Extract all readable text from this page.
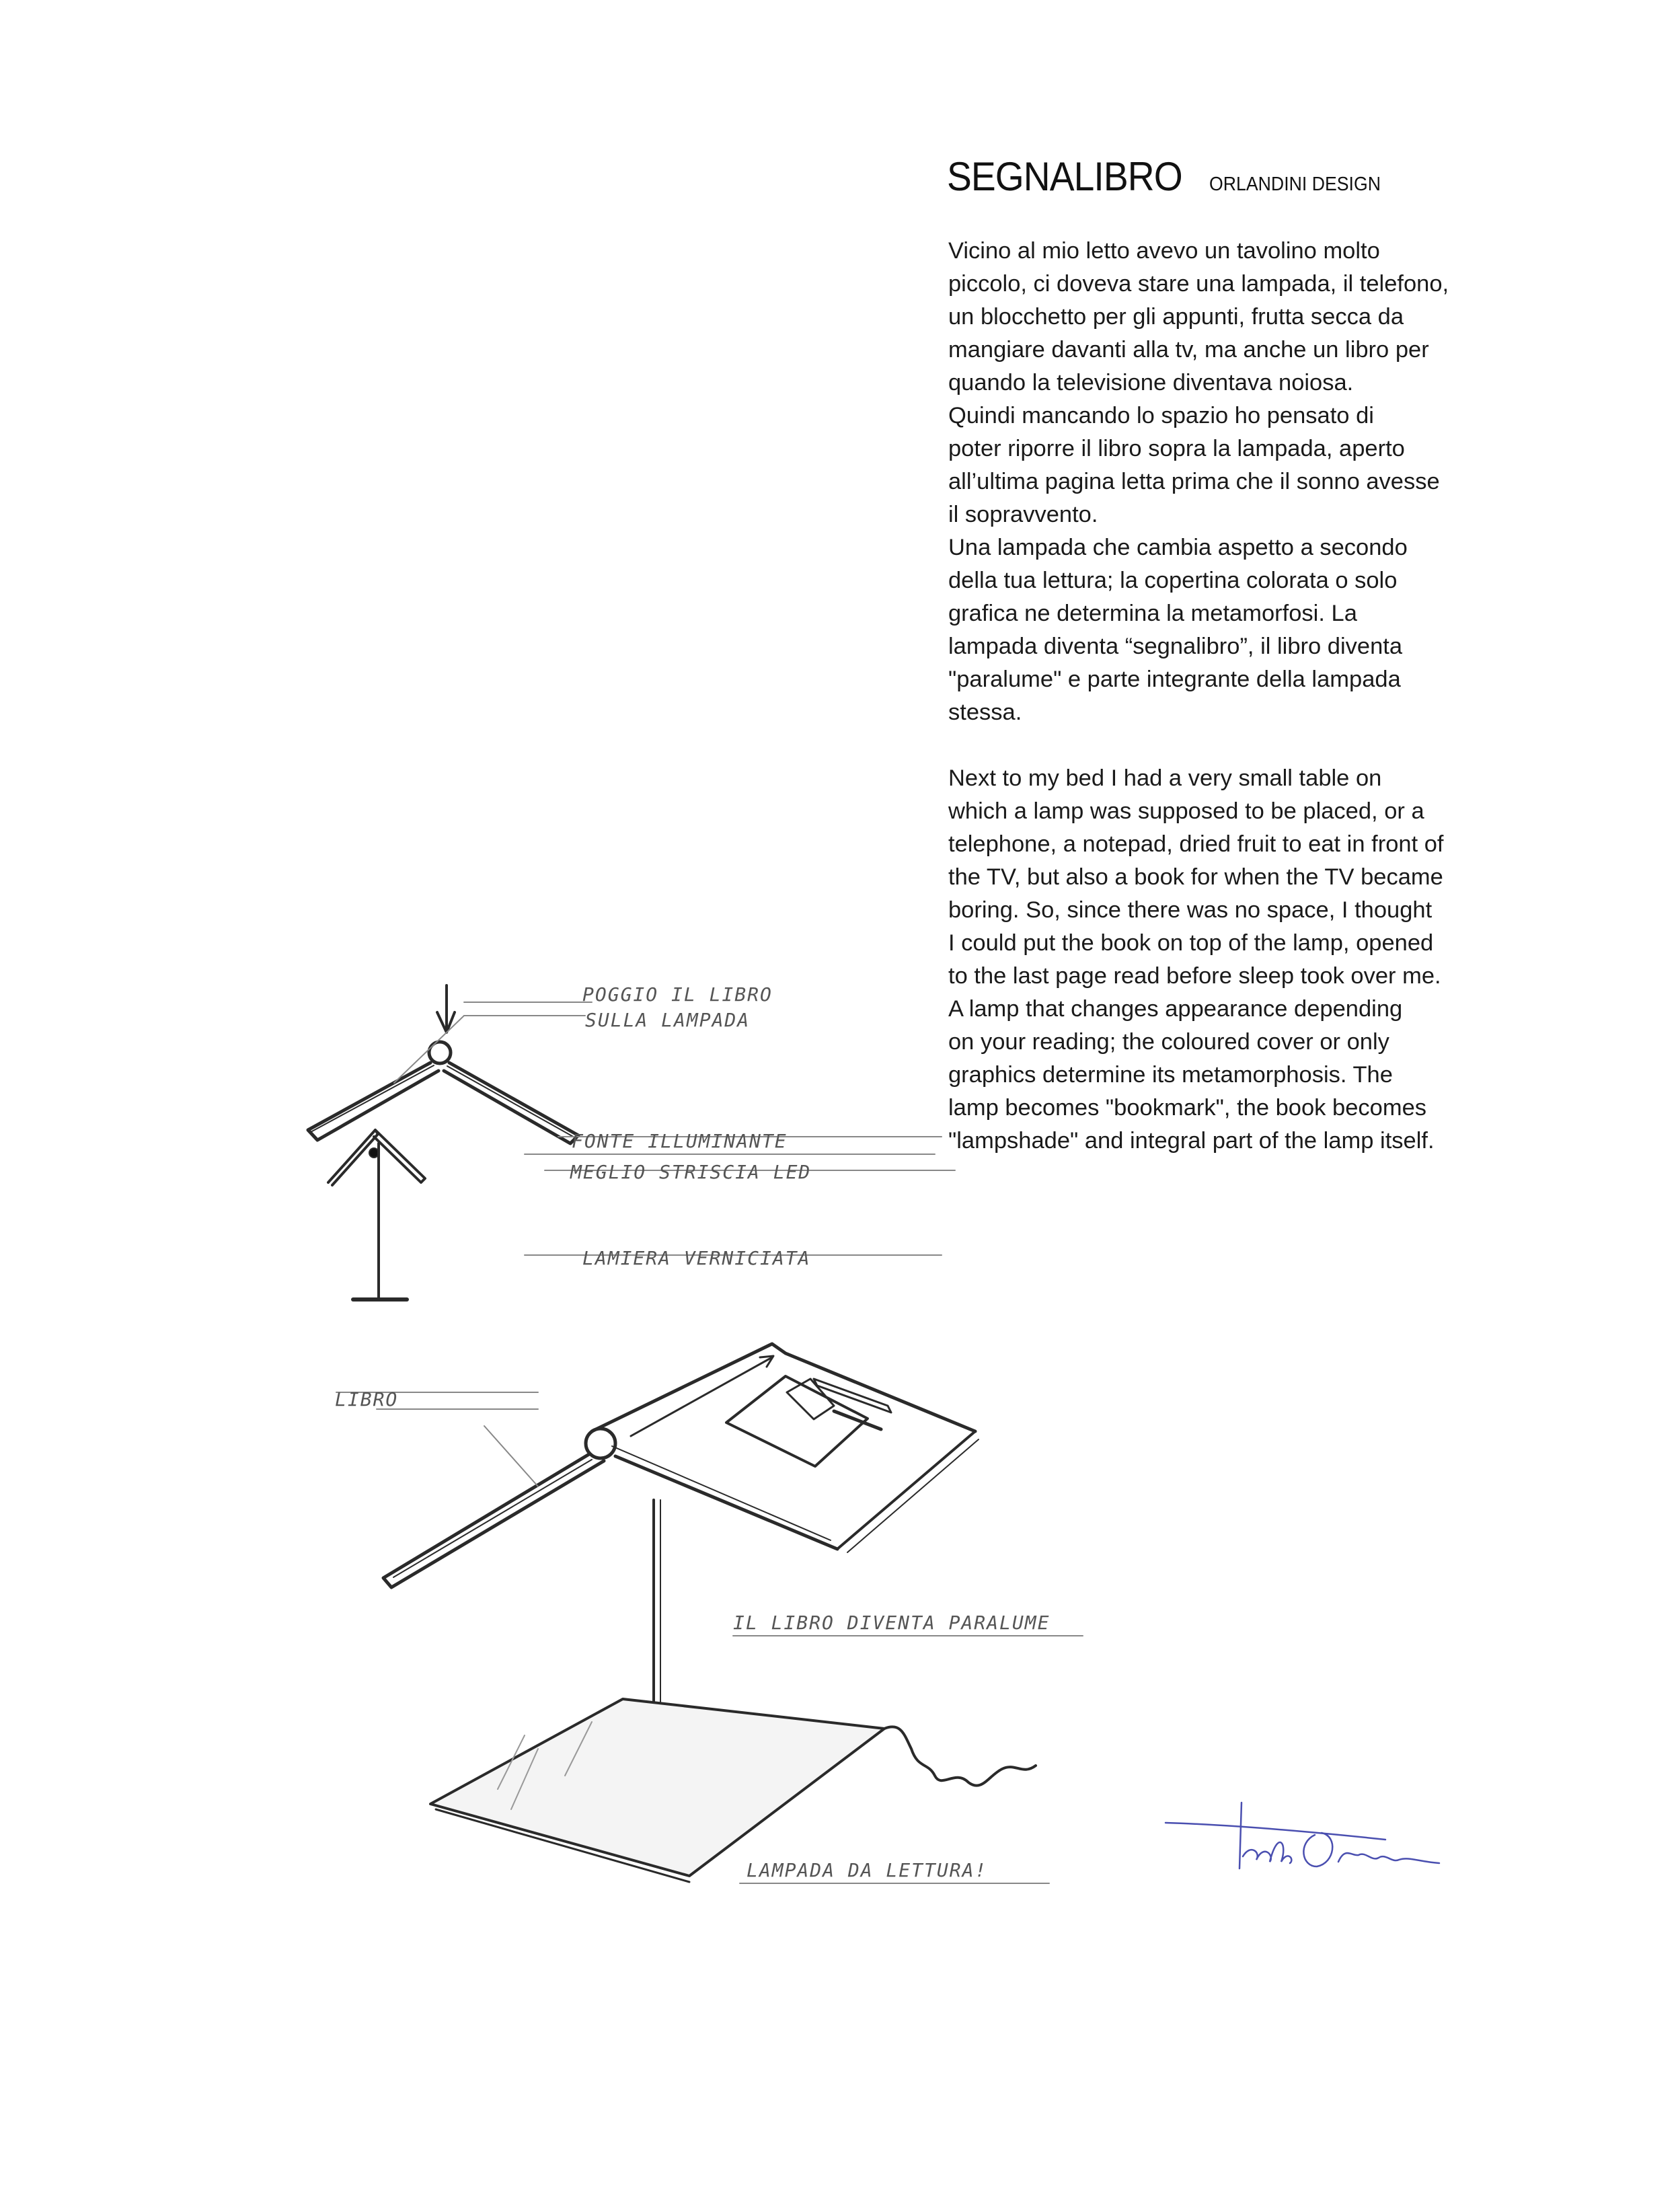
SEGNALIBRO ORLANDINI DESIGN

Vicino al mio letto avevo un tavolino molto
piccolo, ci doveva stare una lampada, il telefono,
un blocchetto per gli appunti, frutta secca da
mangiare davanti alla tv, ma anche un libro per
quando la televisione diventava noiosa.
Quindi mancando lo spazio ho pensato di
poter riporre il libro sopra la lampada, aperto
all’ultima pagina letta prima che il sonno avesse
il sopravvento.
Una lampada che cambia aspetto a secondo
della tua lettura; la copertina colorata o solo
grafica ne determina la metamorfosi. La
lampada diventa “segnalibro”, il libro diventa
"paralume" e parte integrante della lampada
stessa.

Next to my bed I had a very small table on
which a lamp was supposed to be placed, or a
telephone, a notepad, dried fruit to eat in front of
the TV, but also a book for when the TV became
boring. So, since there was no space, I thought
I could put the book on top of the lamp, opened
to the last page read before sleep took over me.
A lamp that changes appearance depending
on your reading; the coloured cover or only
graphics determine its metamorphosis. The
lamp becomes "bookmark", the book becomes
"lampshade" and integral part of the lamp itself.

POGGIO IL LIBRO
SULLA LAMPADA
FONTE ILLUMINANTE
MEGLIO STRISCIA LED
LAMIERA VERNICIATA
LIBRO
IL LIBRO DIVENTA PARALUME
LAMPADA DA LETTURA!
